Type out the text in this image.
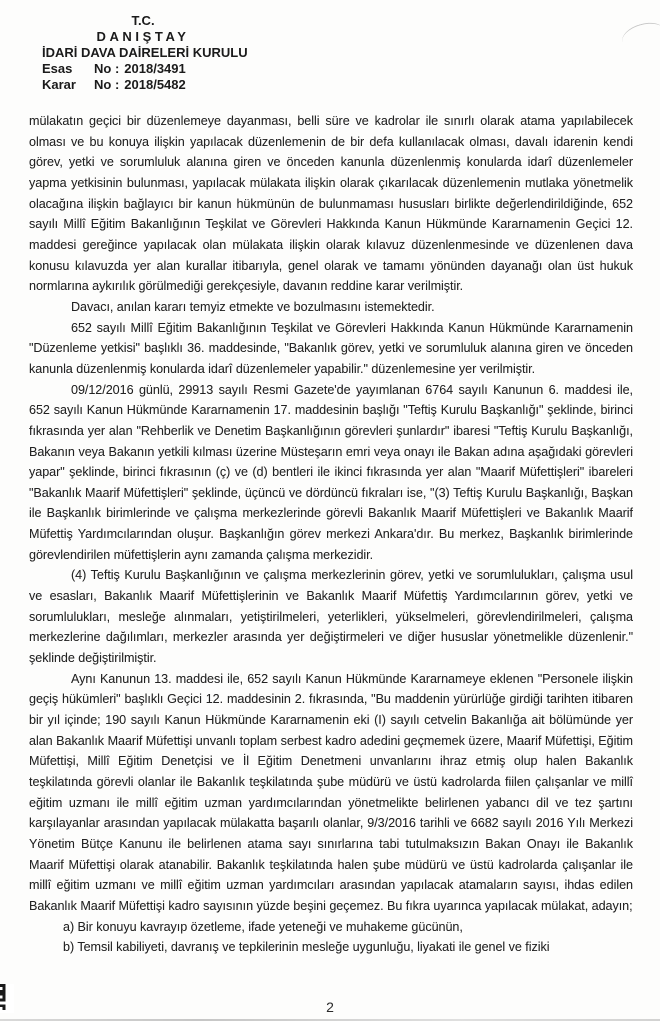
T.C.
DANIŞTAY
İDARİ DAVA DAİRELERİ KURULU
Esas	No : 2018/3491
Karar	No : 2018/5482

mülakatın geçici bir düzenlemeye dayanması, belli süre ve kadrolar ile sınırlı olarak atama yapılabilecek olması ve bu konuya ilişkin yapılacak düzenlemenin de bir defa kullanılacak olması, davalı idarenin kendi görev, yetki ve sorumluluk alanına giren ve önceden kanunla düzenlenmiş konularda idarî düzenlemeler yapma yetkisinin bulunması, yapılacak mülakata ilişkin olarak çıkarılacak düzenlemenin mutlaka yönetmelik olacağına ilişkin bağlayıcı bir kanun hükmünün de bulunmaması hususları birlikte değerlendirildiğinde, 652 sayılı Millî Eğitim Bakanlığının Teşkilat ve Görevleri Hakkında Kanun Hükmünde Kararnamenin Geçici 12. maddesi gereğince yapılacak olan mülakata ilişkin olarak kılavuz düzenlenmesinde ve düzenlenen dava konusu kılavuzda yer alan kurallar itibarıyla, genel olarak ve tamamı yönünden dayanağı olan üst hukuk normlarına aykırılık görülmediği gerekçesiyle, davanın reddine karar verilmiştir.

Davacı, anılan kararı temyiz etmekte ve bozulmasını istemektedir.

652 sayılı Millî Eğitim Bakanlığının Teşkilat ve Görevleri Hakkında Kanun Hükmünde Kararnamenin "Düzenleme yetkisi" başlıklı 36. maddesinde, "Bakanlık görev, yetki ve sorumluluk alanına giren ve önceden kanunla düzenlenmiş konularda idarî düzenlemeler yapabilir." düzenlemesine yer verilmiştir.

09/12/2016 günlü, 29913 sayılı Resmi Gazete'de yayımlanan 6764 sayılı Kanunun 6. maddesi ile, 652 sayılı Kanun Hükmünde Kararnamenin 17. maddesinin başlığı "Teftiş Kurulu Başkanlığı" şeklinde, birinci fıkrasında yer alan "Rehberlik ve Denetim Başkanlığının görevleri şunlardır" ibaresi "Teftiş Kurulu Başkanlığı, Bakanın veya Bakanın yetkili kılması üzerine Müsteşarın emri veya onayı ile Bakan adına aşağıdaki görevleri yapar" şeklinde, birinci fıkrasının (ç) ve (d) bentleri ile ikinci fıkrasında yer alan "Maarif Müfettişleri" ibareleri "Bakanlık Maarif Müfettişleri" şeklinde, üçüncü ve dördüncü fıkraları ise, "(3) Teftiş Kurulu Başkanlığı, Başkan ile Başkanlık birimlerinde ve çalışma merkezlerinde görevli Bakanlık Maarif Müfettişleri ve Bakanlık Maarif Müfettiş Yardımcılarından oluşur. Başkanlığın görev merkezi Ankara'dır. Bu merkez, Başkanlık birimlerinde görevlendirilen müfettişlerin aynı zamanda çalışma merkezidir.

(4) Teftiş Kurulu Başkanlığının ve çalışma merkezlerinin görev, yetki ve sorumlulukları, çalışma usul ve esasları, Bakanlık Maarif Müfettişlerinin ve Bakanlık Maarif Müfettiş Yardımcılarının görev, yetki ve sorumlulukları, mesleğe alınmaları, yetiştirilmeleri, yeterlikleri, yükselmeleri, görevlendirilmeleri, çalışma merkezlerine dağılımları, merkezler arasında yer değiştirmeleri ve diğer hususlar yönetmelikle düzenlenir." şeklinde değiştirilmiştir.

Aynı Kanunun 13. maddesi ile, 652 sayılı Kanun Hükmünde Kararnameye eklenen "Personele ilişkin geçiş hükümleri" başlıklı Geçici 12. maddesinin 2. fıkrasında, "Bu maddenin yürürlüğe girdiği tarihten itibaren bir yıl içinde; 190 sayılı Kanun Hükmünde Kararnamenin eki (I) sayılı cetvelin Bakanlığa ait bölümünde yer alan Bakanlık Maarif Müfettişi unvanlı toplam serbest kadro adedini geçmemek üzere, Maarif Müfettişi, Eğitim Müfettişi, Millî Eğitim Denetçisi ve İl Eğitim Denetmeni unvanlarını ihraz etmiş olup halen Bakanlık teşkilatında görevli olanlar ile Bakanlık teşkilatında şube müdürü ve üstü kadrolarda fiilen çalışanlar ve millî eğitim uzmanı ile millî eğitim uzman yardımcılarından yönetmelikte belirlenen yabancı dil ve tez şartını karşılayanlar arasından yapılacak mülakatta başarılı olanlar, 9/3/2016 tarihli ve 6682 sayılı 2016 Yılı Merkezi Yönetim Bütçe Kanunu ile belirlenen atama sayı sınırlarına tabi tutulmaksızın Bakan Onayı ile Bakanlık Maarif Müfettişi olarak atanabilir. Bakanlık teşkilatında halen şube müdürü ve üstü kadrolarda çalışanlar ile millî eğitim uzmanı ve millî eğitim uzman yardımcıları arasından yapılacak atamaların sayısı, ihdas edilen Bakanlık Maarif Müfettişi kadro sayısının yüzde beşini geçemez. Bu fıkra uyarınca yapılacak mülakat, adayın;

a) Bir konuyu kavrayıp özetleme, ifade yeteneği ve muhakeme gücünün,

b) Temsil kabiliyeti, davranış ve tepkilerinin mesleğe uygunluğu, liyakati ile genel ve fiziki

2
